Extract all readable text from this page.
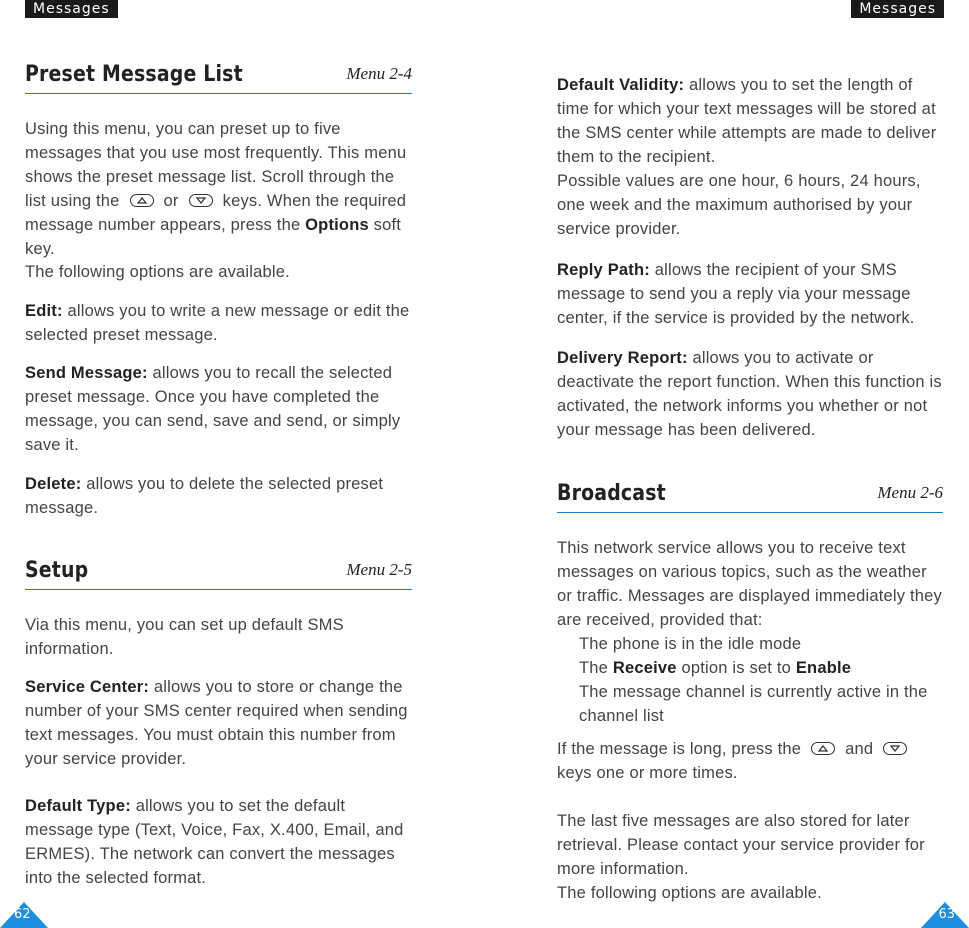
Messages	Messages
Preset Message List	Menu 2-4
Using this menu, you can preset up to five messages that you use most frequently. This menu shows the preset message list. Scroll through the list using the	or	keys. When the required message number appears, press the Options soft key.
The following options are available.
Edit: allows you to write a new message or edit the selected preset message.
Send Message: allows you to recall the selected preset message. Once you have completed the message, you can send, save and send, or simply save it.
Delete: allows you to delete the selected preset message.
Setup	Menu 2-5
Via this menu, you can set up default SMS information.
Service Center: allows you to store or change the number of your SMS center required when sending text messages. You must obtain this number from your service provider.
Default Type: allows you to set the default message type (Text, Voice, Fax, X.400, Email, and ERMES). The network can convert the messages into the selected format.
Default Validity: allows you to set the length of time for which your text messages will be stored at the SMS center while attempts are made to deliver them to the recipient.
Possible values are one hour, 6 hours, 24 hours, one week and the maximum authorised by your service provider.
Reply Path: allows the recipient of your SMS message to send you a reply via your message center, if the service is provided by the network.
Delivery Report: allows you to activate or deactivate the report function. When this function is activated, the network informs you whether or not your message has been delivered.
Broadcast	Menu 2-6
This network service allows you to receive text messages on various topics, such as the weather or traffic. Messages are displayed immediately they are received, provided that:
The phone is in the idle mode
The Receive option is set to Enable
The message channel is currently active in the channel list
If the message is long, press the	and
keys one or more times.
The last five messages are also stored for later retrieval. Please contact your service provider for more information.
The following options are available.
62	63
